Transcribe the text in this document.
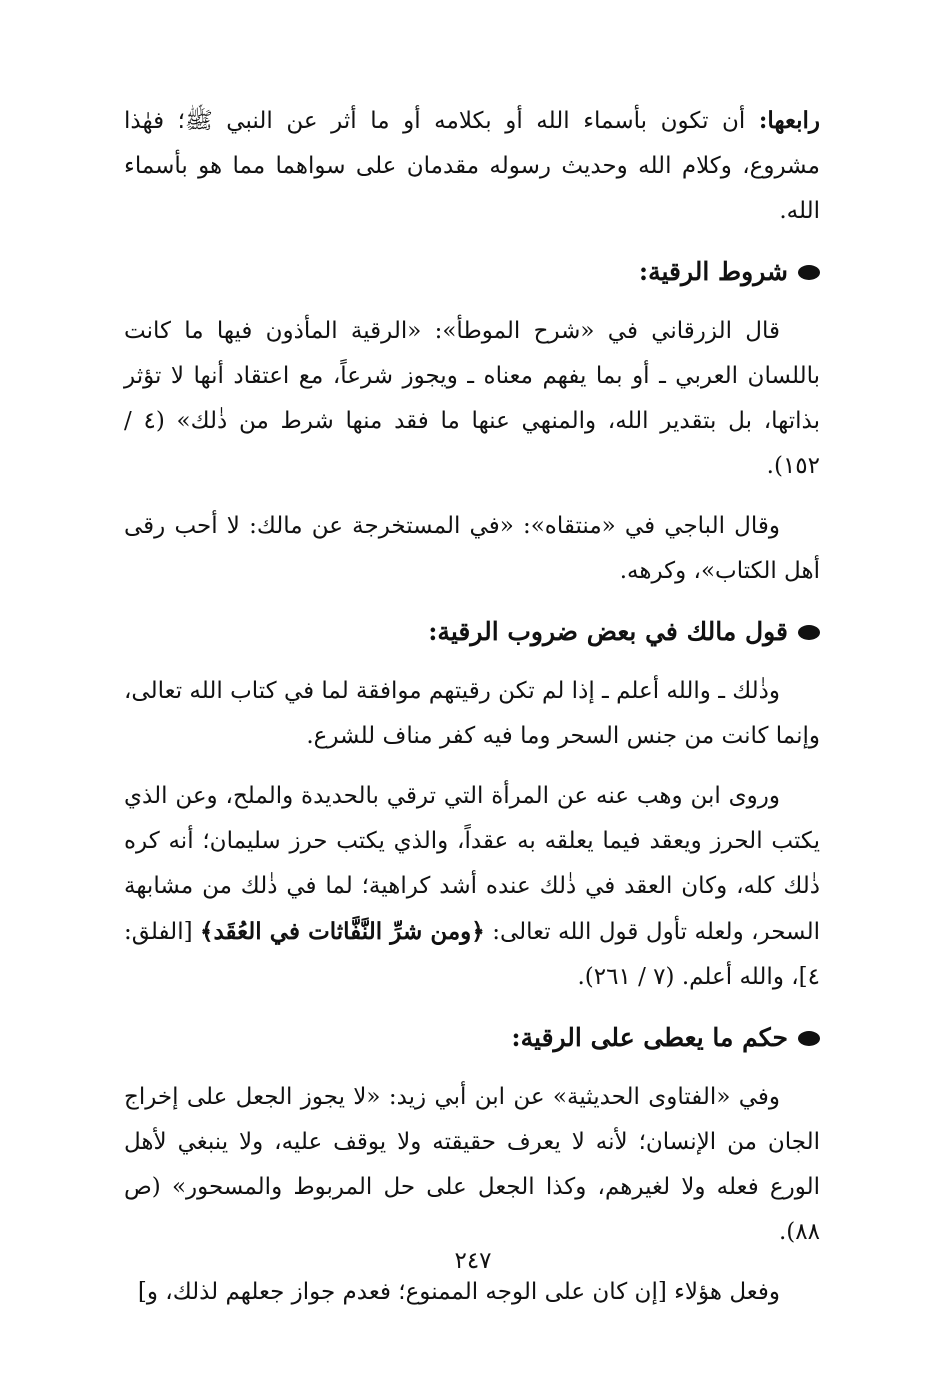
رابعها: أن تكون بأسماء الله أو بكلامه أو ما أثر عن النبي ﷺ؛ فهٰذا مشروع، وكلام الله وحديث رسوله مقدمان على سواهما مما هو بأسماء الله.

شروط الرقية:

قال الزرقاني في «شرح الموطأ»: «الرقية المأذون فيها ما كانت باللسان العربي ـ أو بما يفهم معناه ـ ويجوز شرعاً، مع اعتقاد أنها لا تؤثر بذاتها، بل بتقدير الله، والمنهي عنها ما فقد منها شرط من ذٰلك» (٤ / ١٥٢).

وقال الباجي في «منتقاه»: «في المستخرجة عن مالك: لا أحب رقى أهل الكتاب»، وكرهه.

قول مالك في بعض ضروب الرقية:

وذٰلك ـ والله أعلم ـ إذا لم تكن رقيتهم موافقة لما في كتاب الله تعالى، وإنما كانت من جنس السحر وما فيه كفر مناف للشرع.

وروى ابن وهب عنه عن المرأة التي ترقي بالحديدة والملح، وعن الذي يكتب الحرز ويعقد فيما يعلقه به عقداً، والذي يكتب حرز سليمان؛ أنه كره ذٰلك كله، وكان العقد في ذٰلك عنده أشد كراهية؛ لما في ذٰلك من مشابهة السحر، ولعله تأول قول الله تعالى: ﴿ومن شرِّ النَّفَّاثات في العُقَد﴾ [الفلق: ٤]، والله أعلم. (٧ / ٢٦١).

حكم ما يعطى على الرقية:

وفي «الفتاوى الحديثية» عن ابن أبي زيد: «لا يجوز الجعل على إخراج الجان من الإنسان؛ لأنه لا يعرف حقيقته ولا يوقف عليه، ولا ينبغي لأهل الورع فعله ولا لغيرهم، وكذا الجعل على حل المربوط والمسحور» (ص ٨٨).

وفعل هؤلاء [إن كان على الوجه الممنوع؛ فعدم جواز جعلهم لذلك، و]

٢٤٧
